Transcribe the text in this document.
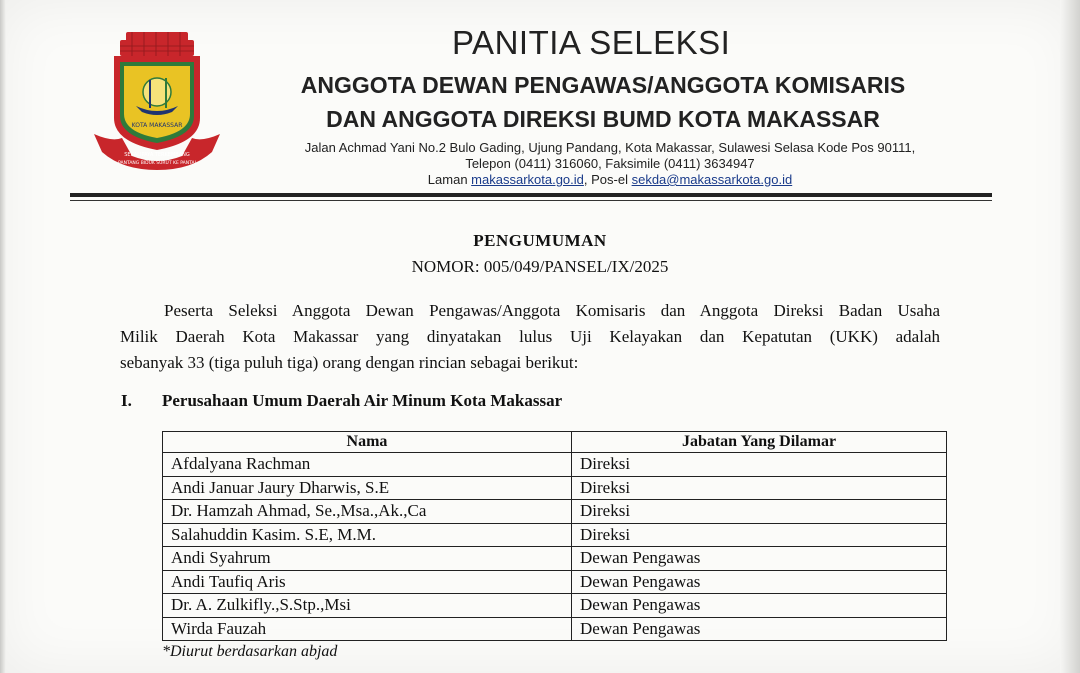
KOTA MAKASSAR
SEKALIPAYA TERKEMBANG
PANTANG BIDUK SURUT KE PANTAI
PANITIA SELEKSI
ANGGOTA DEWAN PENGAWAS/ANGGOTA KOMISARIS
DAN ANGGOTA DIREKSI BUMD KOTA MAKASSAR
Jalan Achmad Yani No.2 Bulo Gading, Ujung Pandang, Kota Makassar, Sulawesi Selasa Kode Pos 90111,
Telepon (0411) 316060, Faksimile (0411) 3634947
Laman makassarkota.go.id, Pos-el sekda@makassarkota.go.id
PENGUMUMAN
NOMOR: 005/049/PANSEL/IX/2025
Peserta Seleksi Anggota Dewan Pengawas/Anggota Komisaris dan Anggota Direksi Badan Usaha
Milik Daerah Kota Makassar yang dinyatakan lulus Uji Kelayakan dan Kepatutan (UKK) adalah
sebanyak 33 (tiga puluh tiga) orang dengan rincian sebagai berikut:
I. Perusahaan Umum Daerah Air Minum Kota Makassar
Nama	Jabatan Yang Dilamar
Afdalyana Rachman	Direksi
Andi Januar Jaury Dharwis, S.E	Direksi
Dr. Hamzah Ahmad, Se.,Msa.,Ak.,Ca	Direksi
Salahuddin Kasim. S.E, M.M.	Direksi
Andi Syahrum	Dewan Pengawas
Andi Taufiq Aris	Dewan Pengawas
Dr. A. Zulkifly.,S.Stp.,Msi	Dewan Pengawas
Wirda Fauzah	Dewan Pengawas
*Diurut berdasarkan abjad
